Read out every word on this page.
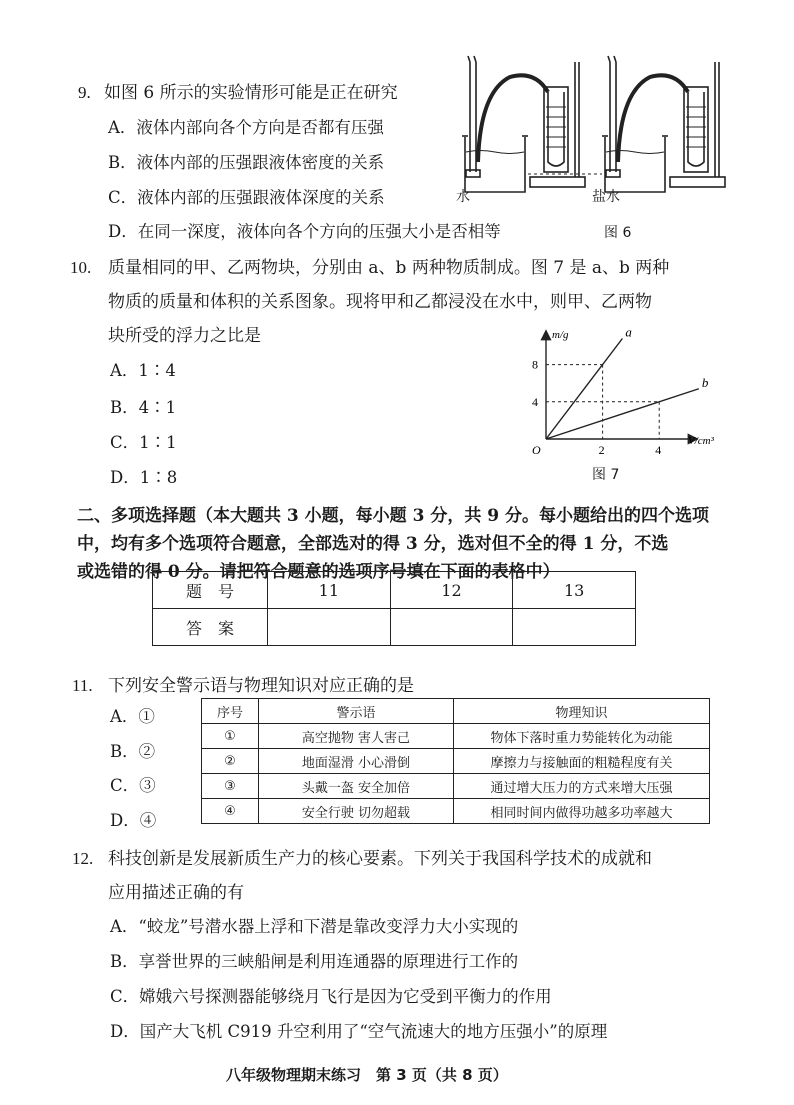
9. 如图 6 所示的实验情形可能是正在研究
A．液体内部向各个方向是否都有压强
B．液体内部的压强跟液体密度的关系
C．液体内部的压强跟液体深度的关系
D．在同一深度，液体向各个方向的压强大小是否相等
水	盐水
图 6
10. 质量相同的甲、乙两物块，分别由 a、b 两种物质制成。图 7 是 a、b 两种
物质的质量和体积的关系图象。现将甲和乙都浸没在水中，则甲、乙两物
块所受的浮力之比是
A．1∶4
B．4∶1
C．1∶1
D．1∶8
a
b
2	4
4
8
O
V/cm³
m/g
图 7
二、多项选择题（本大题共 3 小题，每小题 3 分，共 9 分。每小题给出的四个选项
中，均有多个选项符合题意，全部选对的得 3 分，选对但不全的得 1 分，不选
或选错的得 0 分。请把符合题意的选项序号填在下面的表格中）
题　号	11	12	13
答　案			
11. 下列安全警示语与物理知识对应正确的是
A．①
B．②
C．③
D．④
序号	警示语	物理知识
①	高空抛物 害人害己	物体下落时重力势能转化为动能
②	地面湿滑 小心滑倒	摩擦力与接触面的粗糙程度有关
③	头戴一盔 安全加倍	通过增大压力的方式来增大压强
④	安全行驶 切勿超载	相同时间内做得功越多功率越大
12. 科技创新是发展新质生产力的核心要素。下列关于我国科学技术的成就和
应用描述正确的有
A．“蛟龙”号潜水器上浮和下潜是靠改变浮力大小实现的
B．享誉世界的三峡船闸是利用连通器的原理进行工作的
C．嫦娥六号探测器能够绕月飞行是因为它受到平衡力的作用
D．国产大飞机 C919 升空利用了“空气流速大的地方压强小”的原理
八年级物理期末练习　第 3 页（共 8 页）
